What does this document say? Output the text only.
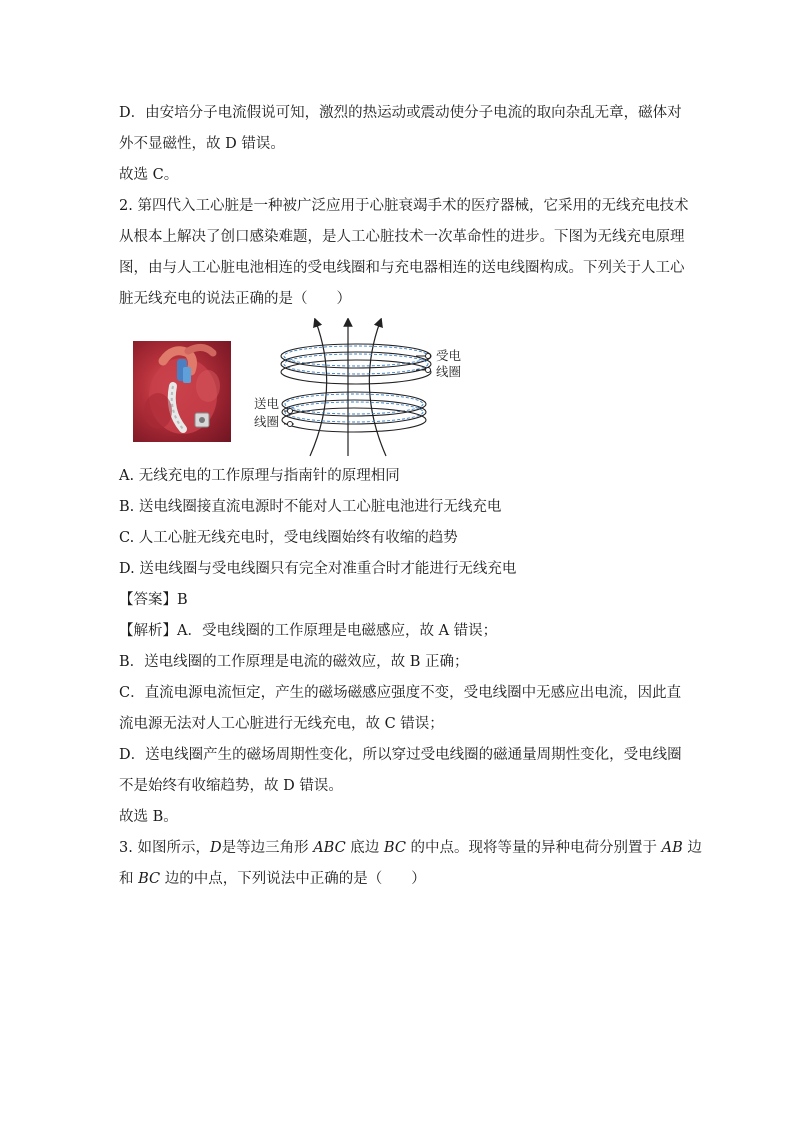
D．由安培分子电流假说可知，激烈的热运动或震动使分子电流的取向杂乱无章，磁体对
外不显磁性，故 D 错误。
故选 C。
2. 第四代入工心脏是一种被广泛应用于心脏衰竭手术的医疗器械，它采用的无线充电技术
从根本上解决了创口感染难题，是人工心脏技术一次革命性的进步。下图为无线充电原理
图，由与人工心脏电池相连的受电线圈和与充电器相连的送电线圈构成。下列关于人工心
脏无线充电的说法正确的是（　　）
受电
线圈
送电
线圈
A. 无线充电的工作原理与指南针的原理相同
B. 送电线圈接直流电源时不能对人工心脏电池进行无线充电
C. 人工心脏无线充电时，受电线圈始终有收缩的趋势
D. 送电线圈与受电线圈只有完全对准重合时才能进行无线充电
【答案】B
【解析】A．受电线圈的工作原理是电磁感应，故 A 错误；
B．送电线圈的工作原理是电流的磁效应，故 B 正确；
C．直流电源电流恒定，产生的磁场磁感应强度不变，受电线圈中无感应出电流，因此直
流电源无法对人工心脏进行无线充电，故 C 错误；
D．送电线圈产生的磁场周期性变化，所以穿过受电线圈的磁通量周期性变化，受电线圈
不是始终有收缩趋势，故 D 错误。
故选 B。
3. 如图所示，D是等边三角形 ABC 底边 BC 的中点。现将等量的异种电荷分别置于 AB 边
和 BC 边的中点，下列说法中正确的是（　　）
